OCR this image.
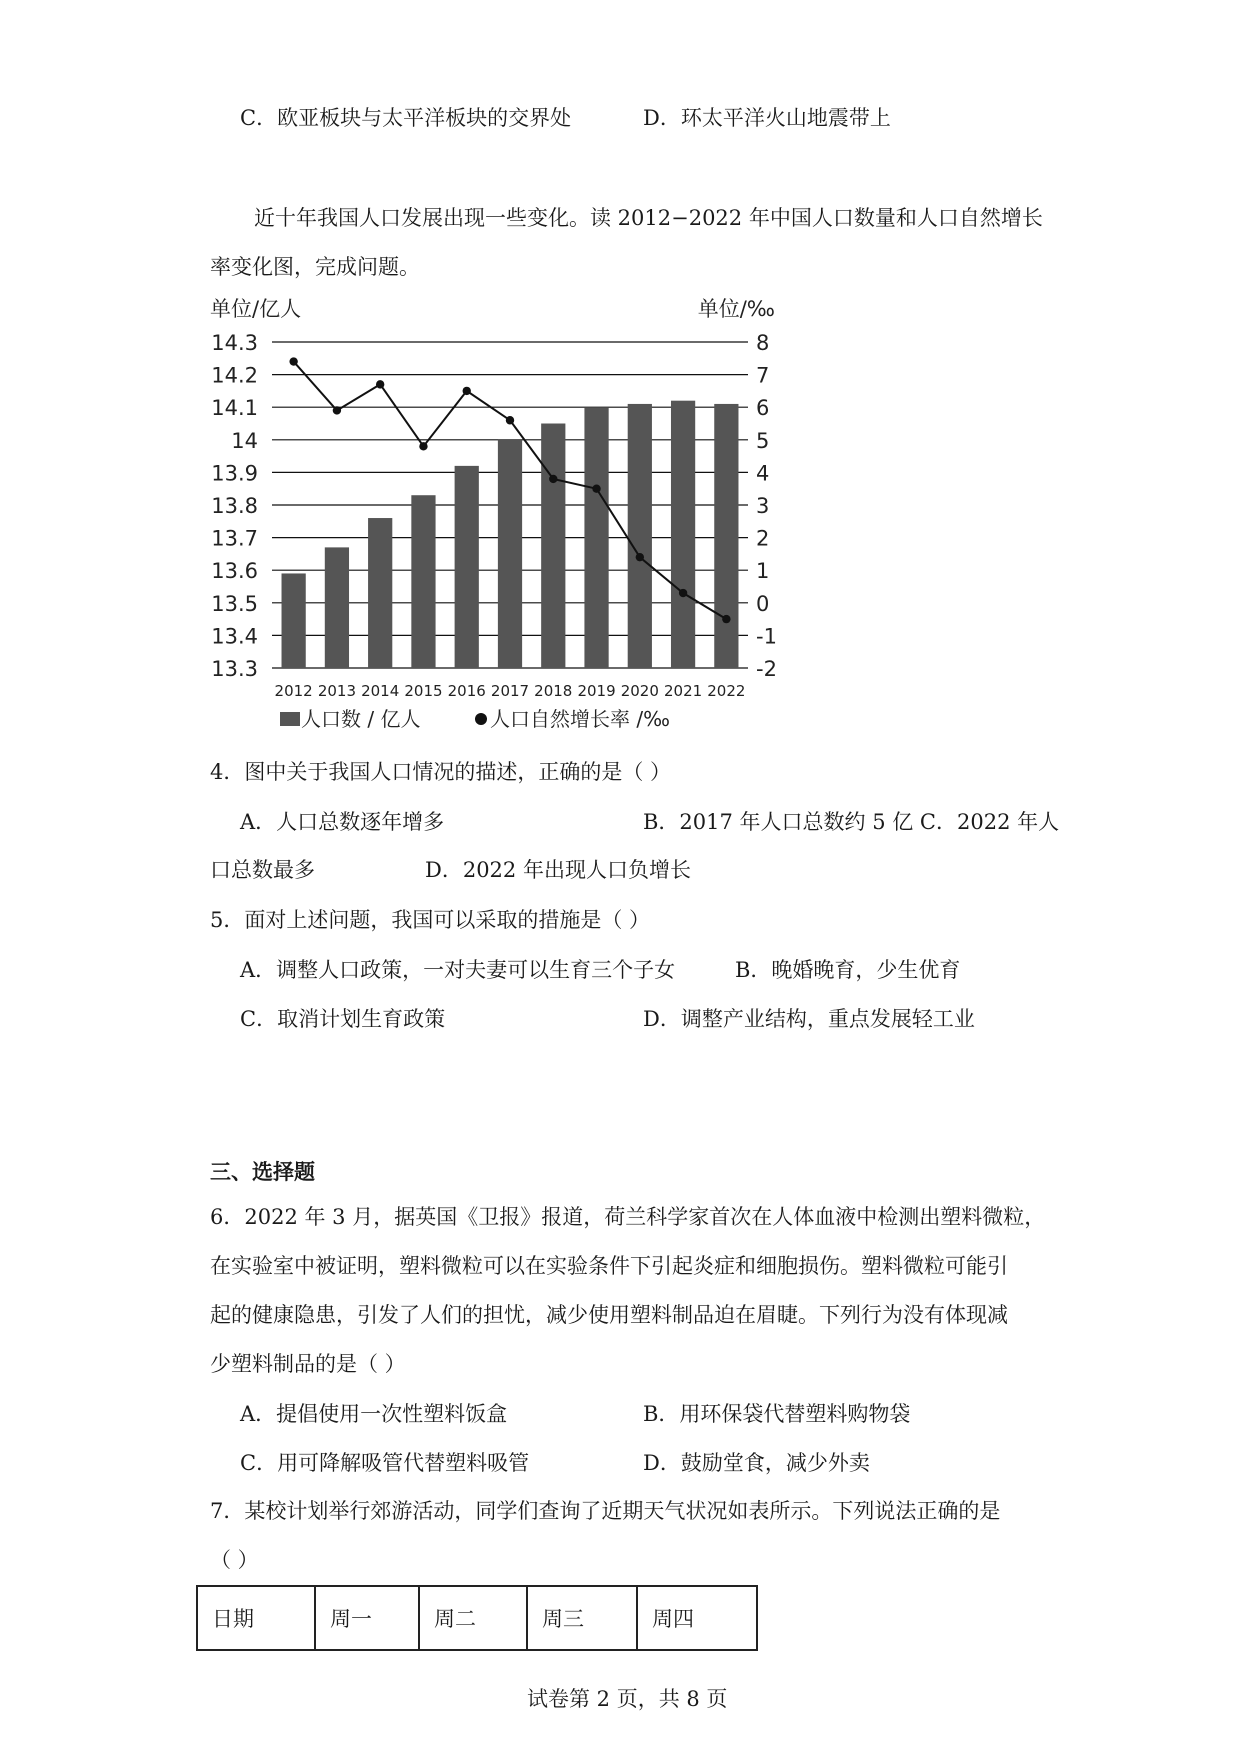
C．欧亚板块与太平洋板块的交界处	D．环太平洋火山地震带上
近十年我国人口发展出现一些变化。读 2012−2022 年中国人口数量和人口自然增长
率变化图，完成问题。
单位/亿人	单位/‰
14.3
14.2
14.1
14
13.9
13.8
13.7
13.6
13.5
13.4
13.3
8
7
6
5
4
3
2
1
0
-1
-2
2012 2013 2014 2015 2016 2017 2018 2019 2020 2021 2022
人口数 / 亿人	人口自然增长率 /‰
4．图中关于我国人口情况的描述，正确的是（ ）
A．人口总数逐年增多	B．2017 年人口总数约 5 亿 C．2022 年人
口总数最多	D．2022 年出现人口负增长
5．面对上述问题，我国可以采取的措施是（ ）
A．调整人口政策，一对夫妻可以生育三个子女	B．晚婚晚育，少生优育
C．取消计划生育政策	D．调整产业结构，重点发展轻工业
三、选择题
6．2022 年 3 月，据英国《卫报》报道，荷兰科学家首次在人体血液中检测出塑料微粒，
在实验室中被证明，塑料微粒可以在实验条件下引起炎症和细胞损伤。塑料微粒可能引
起的健康隐患，引发了人们的担忧，减少使用塑料制品迫在眉睫。下列行为没有体现减
少塑料制品的是（ ）
A．提倡使用一次性塑料饭盒	B．用环保袋代替塑料购物袋
C．用可降解吸管代替塑料吸管	D．鼓励堂食，减少外卖
7．某校计划举行郊游活动，同学们查询了近期天气状况如表所示。下列说法正确的是
（ ）
日期	周一	周二	周三	周四
试卷第 2 页，共 8 页
